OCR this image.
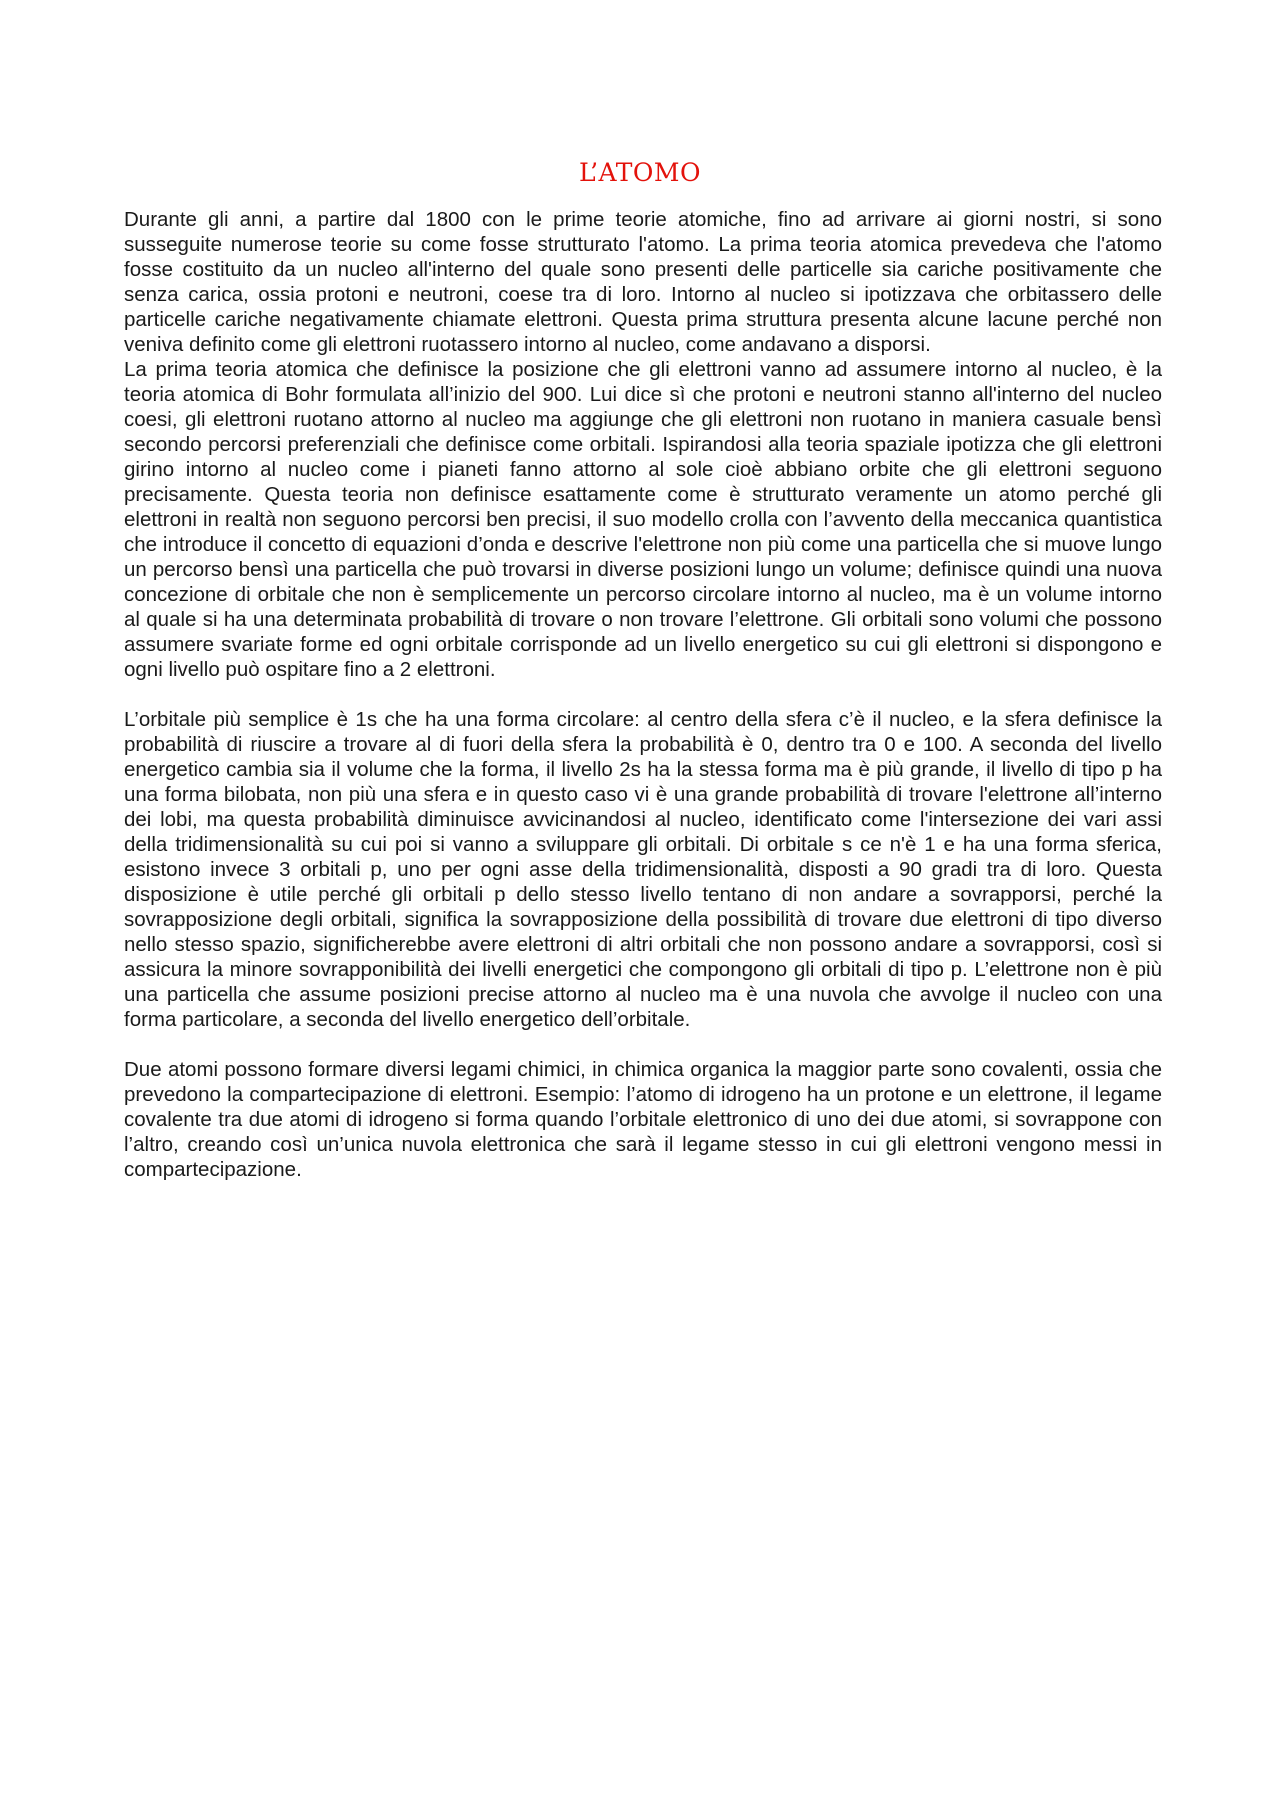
L’ATOMO

Durante gli anni, a partire dal 1800 con le prime teorie atomiche, fino ad arrivare ai giorni nostri, si sono susseguite numerose teorie su come fosse strutturato l'atomo. La prima teoria atomica prevedeva che l'atomo fosse costituito da un nucleo all'interno del quale sono presenti delle particelle sia cariche positivamente che senza carica, ossia protoni e neutroni, coese tra di loro. Intorno al nucleo si ipotizzava che orbitassero delle particelle cariche negativamente chiamate elettroni. Questa prima struttura presenta alcune lacune perché non veniva definito come gli elettroni ruotassero intorno al nucleo, come andavano a disporsi.

La prima teoria atomica che definisce la posizione che gli elettroni vanno ad assumere intorno al nucleo, è la teoria atomica di Bohr formulata all’inizio del 900. Lui dice sì che protoni e neutroni stanno all'interno del nucleo coesi, gli elettroni ruotano attorno al nucleo ma aggiunge che gli elettroni non ruotano in maniera casuale bensì secondo percorsi preferenziali che definisce come orbitali. Ispirandosi alla teoria spaziale ipotizza che gli elettroni girino intorno al nucleo come i pianeti fanno attorno al sole cioè abbiano orbite che gli elettroni seguono precisamente. Questa teoria non definisce esattamente come è strutturato veramente un atomo perché gli elettroni in realtà non seguono percorsi ben precisi, il suo modello crolla con l’avvento della meccanica quantistica che introduce il concetto di equazioni d’onda e descrive l'elettrone non più come una particella che si muove lungo un percorso bensì una particella che può trovarsi in diverse posizioni lungo un volume; definisce quindi una nuova concezione di orbitale che non è semplicemente un percorso circolare intorno al nucleo, ma è un volume intorno al quale si ha una determinata probabilità di trovare o non trovare l’elettrone. Gli orbitali sono volumi che possono assumere svariate forme ed ogni orbitale corrisponde ad un livello energetico su cui gli elettroni si dispongono e ogni livello può ospitare fino a 2 elettroni.

L’orbitale più semplice è 1s che ha una forma circolare: al centro della sfera c’è il nucleo, e la sfera definisce la probabilità di riuscire a trovare al di fuori della sfera la probabilità è 0, dentro tra 0 e 100. A seconda del livello energetico cambia sia il volume che la forma, il livello 2s ha la stessa forma ma è più grande, il livello di tipo p ha una forma bilobata, non più una sfera e in questo caso vi è una grande probabilità di trovare l'elettrone all’interno dei lobi, ma questa probabilità diminuisce avvicinandosi al nucleo, identificato come l'intersezione dei vari assi della tridimensionalità su cui poi si vanno a sviluppare gli orbitali. Di orbitale s ce n'è 1 e ha una forma sferica, esistono invece 3 orbitali p, uno per ogni asse della tridimensionalità, disposti a 90 gradi tra di loro. Questa disposizione è utile perché gli orbitali p dello stesso livello tentano di non andare a sovrapporsi, perché la sovrapposizione degli orbitali, significa la sovrapposizione della possibilità di trovare due elettroni di tipo diverso nello stesso spazio, significherebbe avere elettroni di altri orbitali che non possono andare a sovrapporsi, così si assicura la minore sovrapponibilità dei livelli energetici che compongono gli orbitali di tipo p. L’elettrone non è più una particella che assume posizioni precise attorno al nucleo ma è una nuvola che avvolge il nucleo con una forma particolare, a seconda del livello energetico dell’orbitale.

Due atomi possono formare diversi legami chimici, in chimica organica la maggior parte sono covalenti, ossia che prevedono la compartecipazione di elettroni. Esempio: l’atomo di idrogeno ha un protone e un elettrone, il legame covalente tra due atomi di idrogeno si forma quando l’orbitale elettronico di uno dei due atomi, si sovrappone con l’altro, creando così un’unica nuvola elettronica che sarà il legame stesso in cui gli elettroni vengono messi in compartecipazione.
